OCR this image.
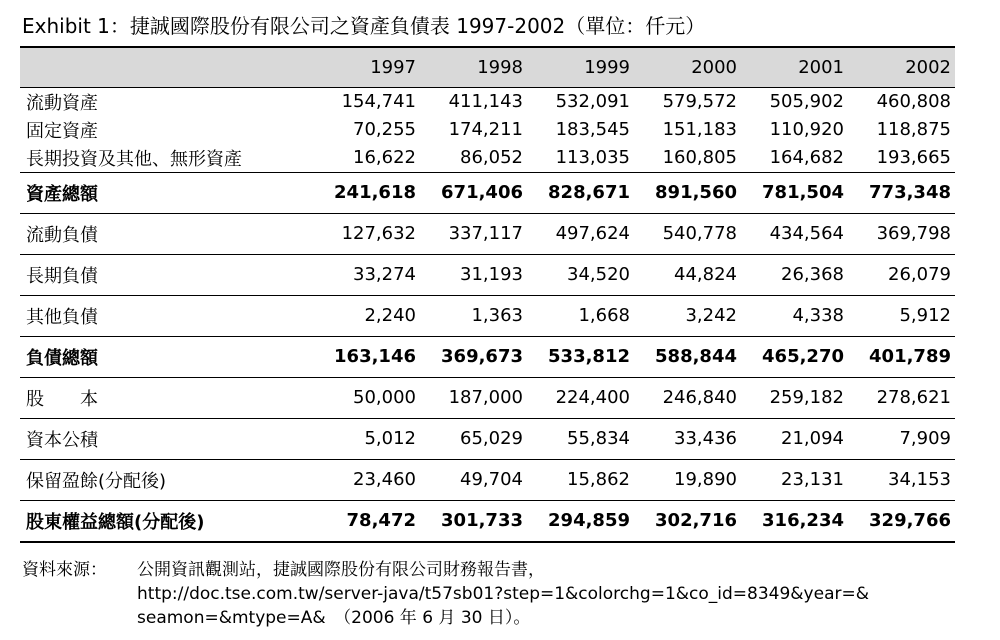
Exhibit 1：捷誠國際股份有限公司之資產負債表 1997-2002（單位：仟元）
	1997	1998	1999	2000	2001	2002
流動資產	154,741	411,143	532,091	579,572	505,902	460,808
固定資產	70,255	174,211	183,545	151,183	110,920	118,875
長期投資及其他、無形資產	16,622	86,052	113,035	160,805	164,682	193,665
資產總額	241,618	671,406	828,671	891,560	781,504	773,348
流動負債	127,632	337,117	497,624	540,778	434,564	369,798
長期負債	33,274	31,193	34,520	44,824	26,368	26,079
其他負債	2,240	1,363	1,668	3,242	4,338	5,912
負債總額	163,146	369,673	533,812	588,844	465,270	401,789
股　　本	50,000	187,000	224,400	246,840	259,182	278,621
資本公積	5,012	65,029	55,834	33,436	21,094	7,909
保留盈餘(分配後)	23,460	49,704	15,862	19,890	23,131	34,153
股東權益總額(分配後)	78,472	301,733	294,859	302,716	316,234	329,766
資料來源： 公開資訊觀測站，捷誠國際股份有限公司財務報告書，
http://doc.tse.com.tw/server-java/t57sb01?step=1&colorchg=1&co_id=8349&year=&
seamon=&mtype=A&　（2006 年 6 月 30 日）。
